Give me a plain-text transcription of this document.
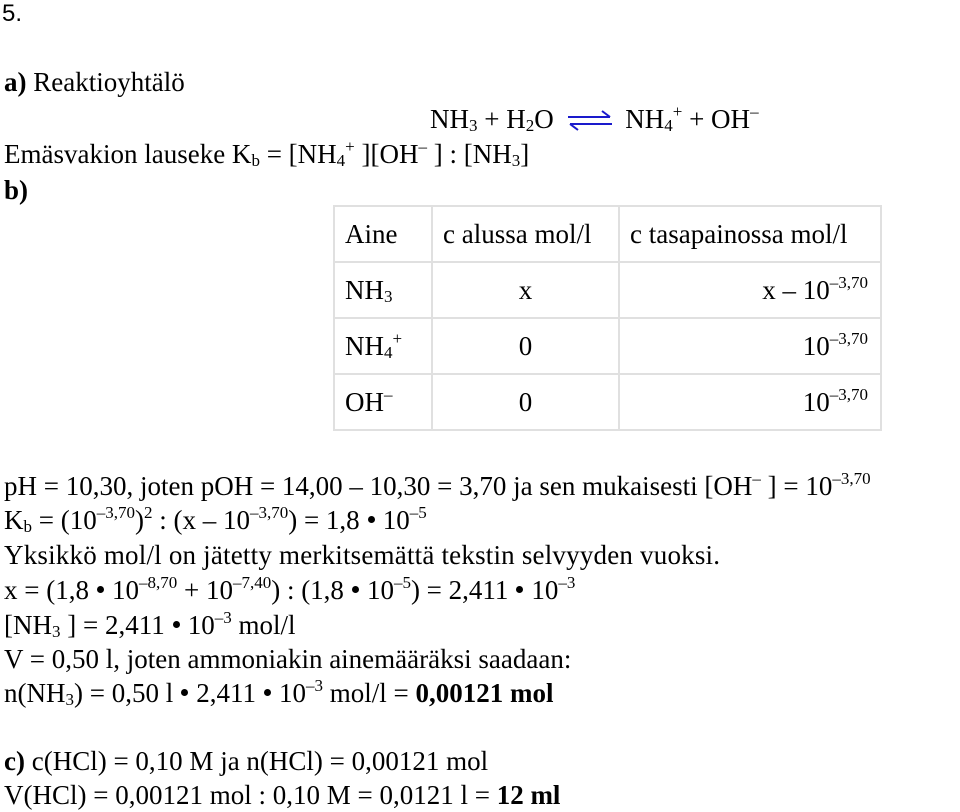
5.
a) Reaktioyhtälö
$NH_3 + H_2O$ ⇌ $NH_4^+ + OH^-$
Emäsvakion lauseke $K_b = [NH_4^+$ ][OH– ] : $[NH_3]$
b)
Aine	c alussa mol/l	c tasapainossa mol/l
$NH_3$	x	x – $10^{-3,70}$
$NH_4^+$	0	$10^{-3,70}$
OH–	0	$10^{-3,70}$
pH = 10,30, joten pOH = 14,00 – 10,30 = 3,70 ja sen mukaisesti [OH– ] = $10^{-3,70}$
$K_b = (10^{-3,70})^2$ : $(x - 10^{-3,70}) = 1,8$ $10^{-5}$
Yksikkö mol/l on jätetty merkitsemättä tekstin selvyyden vuoksi.
x = (1,8 $10^{-8,70} + 10^{-7,40}$) : (1,8 $10^{-5}) = 2,411$ $10^{-3}$
[$NH_3$ ] = 2,411 $10^{-3}$ mol/l
V = 0,50 l, joten ammoniakin ainemääräksi saadaan:
$n(NH_3) = 0,50$ l 2,411 $10^{-3}$ mol/l = 0,00121 mol
c) c(HCl) = 0,10 M ja n(HCl) = 0,00121 mol
V(HCl) = 0,00121 mol : 0,10 M = 0,0121 l = 12 ml
